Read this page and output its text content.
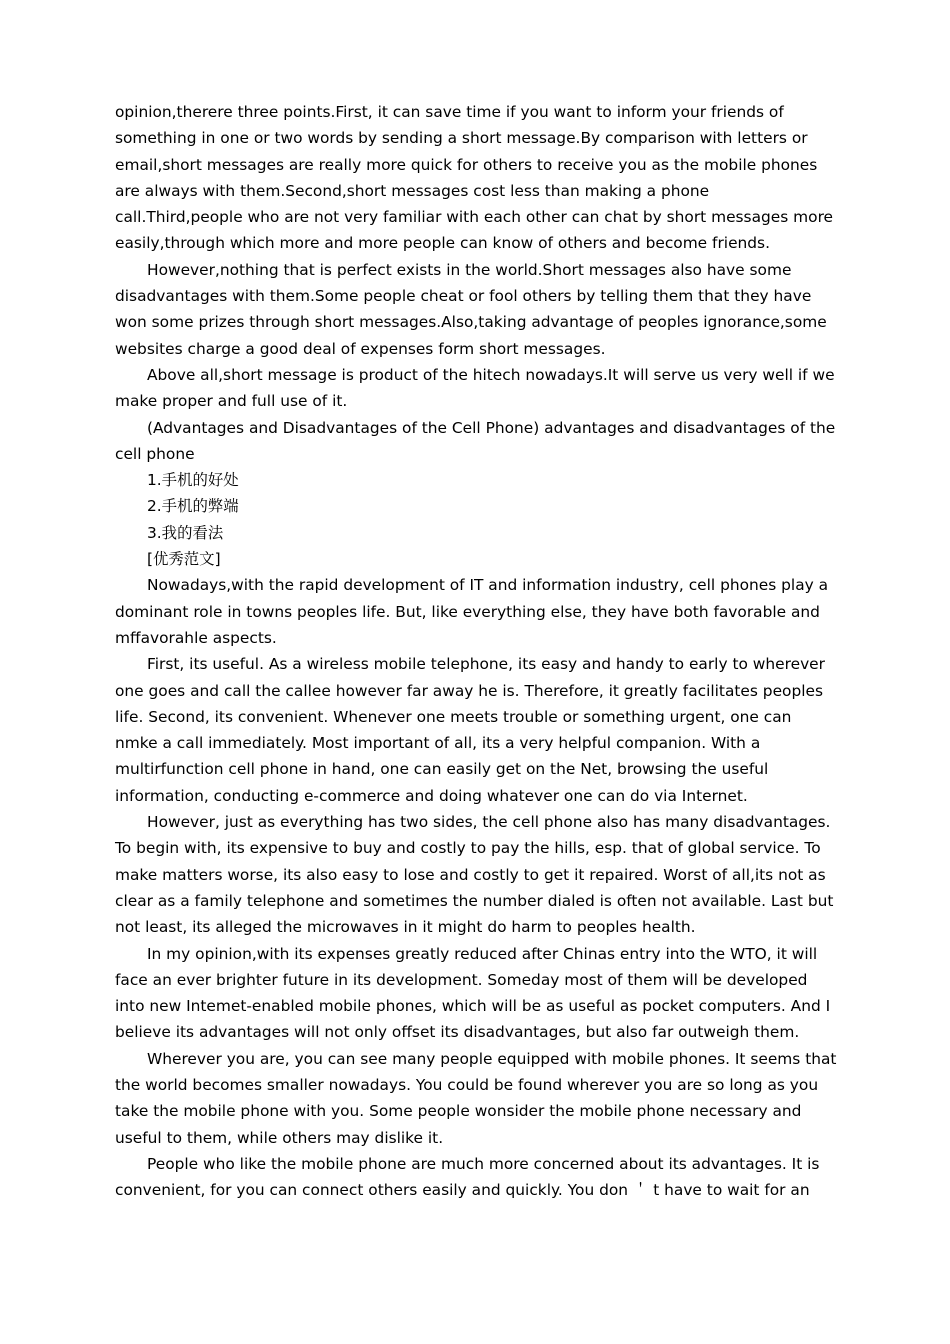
opinion,therere three points.First, it can save time if you want to inform your friends of something in one or two words by sending a short message.By comparison with letters or email,short messages are really more quick for others to receive you as the mobile phones are always with them.Second,short messages cost less than making a phone call.Third,people who are not very familiar with each other can chat by short messages more easily,through which more and more people can know of others and become friends.

However,nothing that is perfect exists in the world.Short messages also have some disadvantages with them.Some people cheat or fool others by telling them that they have won some prizes through short messages.Also,taking advantage of peoples ignorance,some websites charge a good deal of expenses form short messages.

Above all,short message is product of the hitech nowadays.It will serve us very well if we make proper and full use of it.

(Advantages and Disadvantages of the Cell Phone) advantages and disadvantages of the cell phone

1.手机的好处

2.手机的弊端

3.我的看法

[优秀范文]

Nowadays,with the rapid development of IT and information industry, cell phones play a dominant role in towns peoples life. But, like everything else, they have both favorable and mffavorahle aspects.

First, its useful. As a wireless mobile telephone, its easy and handy to early to wherever one goes and call the callee however far away he is. Therefore, it greatly facilitates peoples life. Second, its convenient. Whenever one meets trouble or something urgent, one can nmke a call immediately. Most important of all, its a very helpful companion. With a multirfunction cell phone in hand, one can easily get on the Net, browsing the useful information, conducting e-commerce and doing whatever one can do via Internet.

However, just as everything has two sides, the cell phone also has many disadvantages. To begin with, its expensive to buy and costly to pay the hills, esp. that of global service. To make matters worse, its also easy to lose and costly to get it repaired. Worst of all,its not as clear as a family telephone and sometimes the number dialed is often not available. Last but not least, its alleged the microwaves in it might do harm to peoples health.

In my opinion,with its expenses greatly reduced after Chinas entry into the WTO, it will face an ever brighter future in its development. Someday most of them will be developed into new Intemet-enabled mobile phones, which will be as useful as pocket computers. And I believe its advantages will not only offset its disadvantages, but also far outweigh them.

Wherever you are, you can see many people equipped with mobile phones. It seems that the world becomes smaller nowadays. You could be found wherever you are so long as you take the mobile phone with you. Some people wonsider the mobile phone necessary and useful to them, while others may dislike it.

People who like the mobile phone are much more concerned about its advantages. It is convenient, for you can connect others easily and quickly. You don ＇ t have to wait for an
